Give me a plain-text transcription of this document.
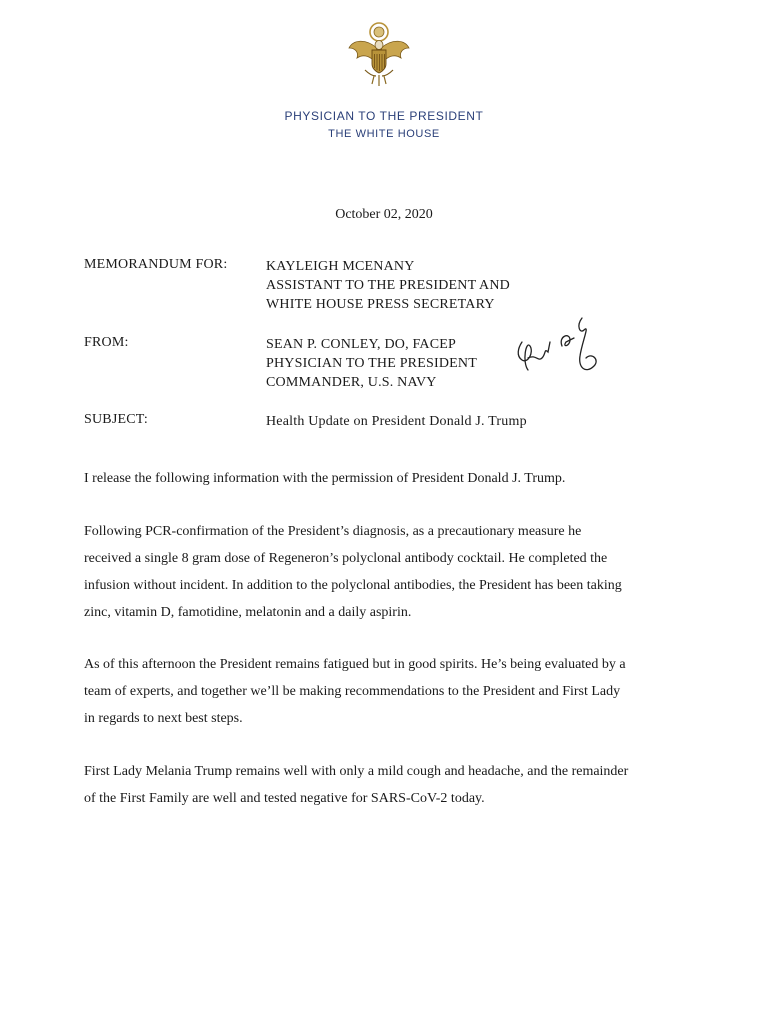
PHYSICIAN TO THE PRESIDENT
THE WHITE HOUSE
October 02, 2020
MEMORANDUM FOR:	KAYLEIGH MCENANY
ASSISTANT TO THE PRESIDENT AND
WHITE HOUSE PRESS SECRETARY
FROM:	SEAN P. CONLEY, DO, FACEP
PHYSICIAN TO THE PRESIDENT
COMMANDER, U.S. NAVY
SUBJECT:	Health Update on President Donald J. Trump
I release the following information with the permission of President Donald J. Trump.
Following PCR-confirmation of the President’s diagnosis, as a precautionary measure he
received a single 8 gram dose of Regeneron’s polyclonal antibody cocktail. He completed the
infusion without incident. In addition to the polyclonal antibodies, the President has been taking
zinc, vitamin D, famotidine, melatonin and a daily aspirin.
As of this afternoon the President remains fatigued but in good spirits. He’s being evaluated by a
team of experts, and together we’ll be making recommendations to the President and First Lady
in regards to next best steps.
First Lady Melania Trump remains well with only a mild cough and headache, and the remainder
of the First Family are well and tested negative for SARS-CoV-2 today.
